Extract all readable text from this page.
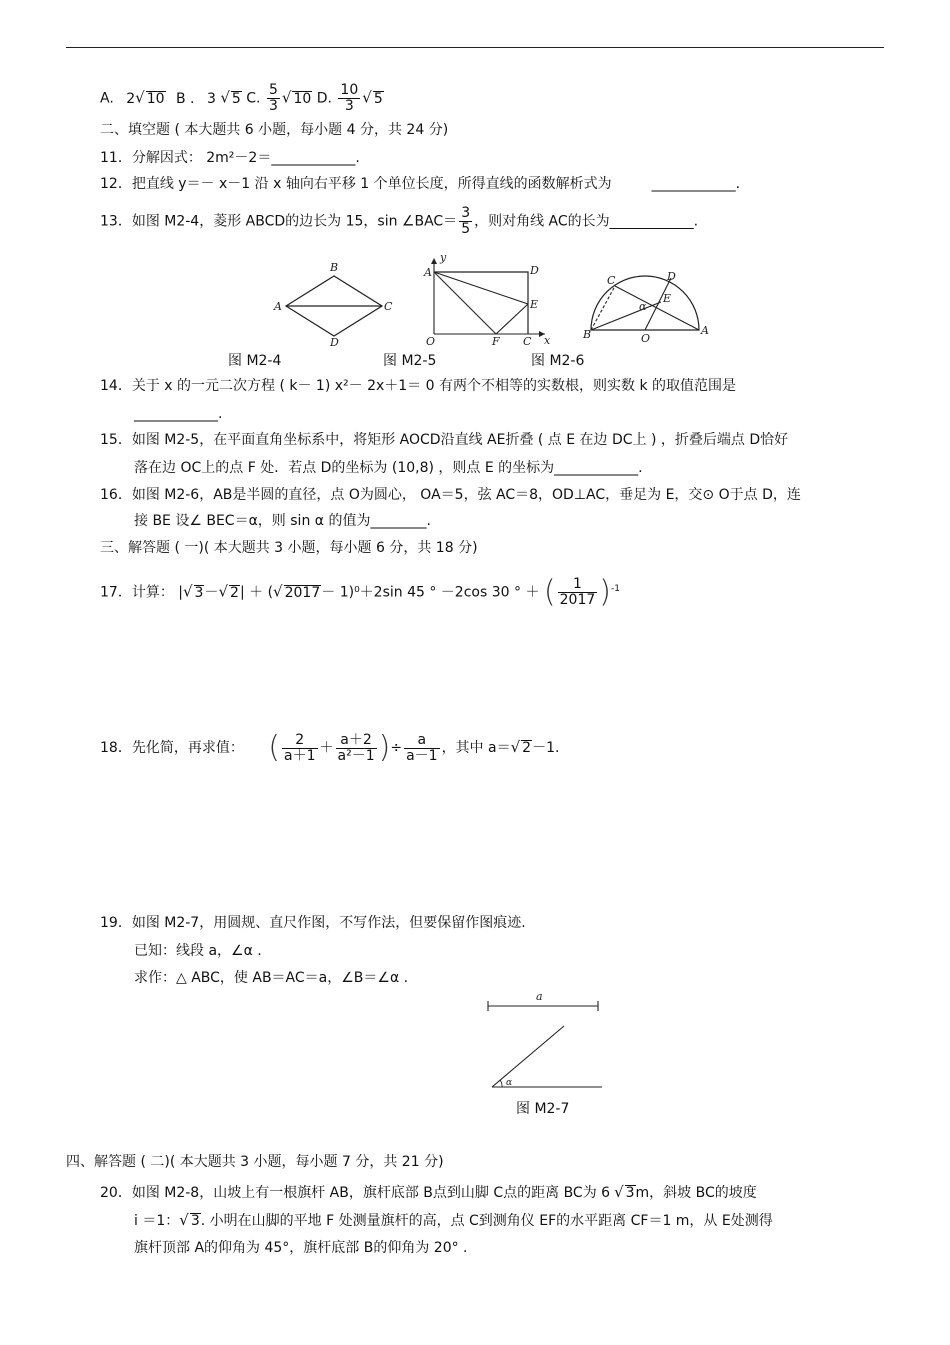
A. 2√ 10 B . 3 √ 5 C. $\frac{5}{3}$ √ 10 D. $\frac{10}{3}$ √ 5
二、填空题 ( 本大题共 6 小题，每小题 4 分，共 24 分)
11．分解因式： 2m²－2＝____________.
12．把直线 y＝－ x－1 沿 x 轴向右平移 1 个单位长度，所得直线的函数解析式为	____________.
13．如图 M2-4，菱形 ABCD的边长为 15，sin ∠BAC＝ $\frac{3}{5}$ ，则对角线 AC的长为____________.
A
B
C
D
y
A	D
E
O	F C x
C	D
E
α
B	O
A
图 M2-4	图 M2-5	图 M2-6
14．关于 x 的一元二次方程 ( k－ 1) x²－ 2x＋1＝ 0 有两个不相等的实数根，则实数 k 的取值范围是
____________.
15．如图 M2-5，在平面直角坐标系中，将矩形 AOCD沿直线 AE折叠 ( 点 E 在边 DC上 ) ，折叠后端点 D恰好
落在边 OC上的点 F 处．若点 D的坐标为 (10,8) ，则点 E 的坐标为____________.
16．如图 M2-6，AB是半圆的直径，点 O为圆心， OA＝5，弦 AC＝8，OD⊥AC，垂足为 E，交⊙ O于点 D，连
接 BE 设∠ BEC＝α，则 sin α 的值为________.
三、解答题 ( 一)( 本大题共 3 小题，每小题 6 分，共 18 分)
17．计算： |√ 3－√ 2| ＋ (√ 2017－ 1)⁰＋2sin 45 ° －2cos 30 ° ＋ ( $\frac{1}{2017} )^{-1}$
18．先化简，再求值： ( $\frac{2}{a+1} + \frac{a+2}{\text{a²－1}}$ )÷ $\frac{a}{a-1}$ ，其中 a＝√ 2－1.
19．如图 M2-7，用圆规、直尺作图，不写作法，但要保留作图痕迹.
已知：线段 a，∠α .
求作：△ ABC，使 AB＝AC＝a，∠B＝∠α .
a
α
图 M2-7
四、解答题 ( 二)( 本大题共 3 小题，每小题 7 分，共 21 分)
20．如图 M2-8，山坡上有一根旗杆 AB，旗杆底部 B点到山脚 C点的距离 BC为 6 √ 3m，斜坡 BC的坡度
i ＝1：√ 3. 小明在山脚的平地 F 处测量旗杆的高，点 C到测角仪 EF的水平距离 CF＝1 m，从 E处测得
旗杆顶部 A的仰角为 45°，旗杆底部 B的仰角为 20° .
